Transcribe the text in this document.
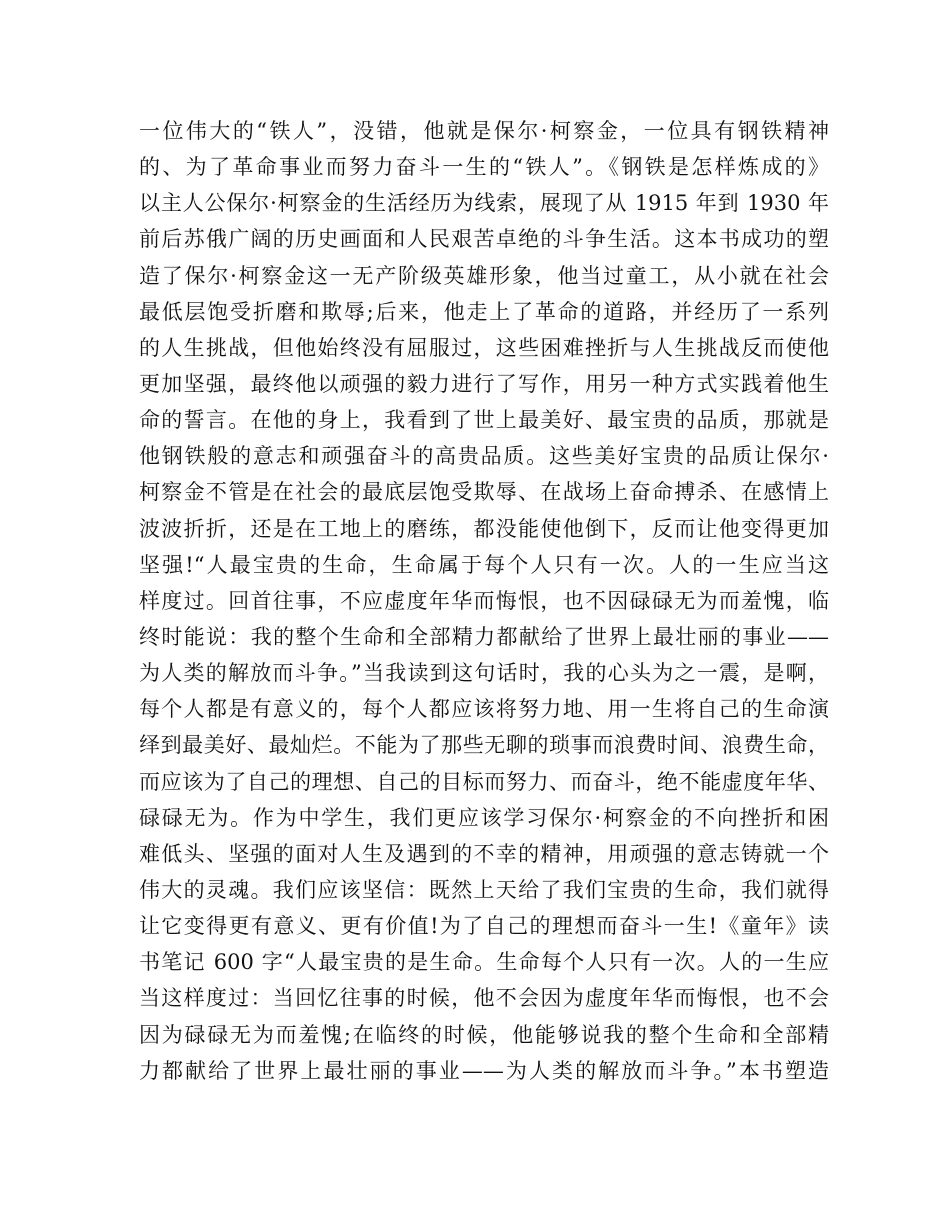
一位伟大的“铁人”，没错，他就是保尔·柯察金，一位具有钢铁精神
的、为了革命事业而努力奋斗一生的“铁人”。《钢铁是怎样炼成的》
以主人公保尔·柯察金的生活经历为线索，展现了从 1915 年到 1930 年
前后苏俄广阔的历史画面和人民艰苦卓绝的斗争生活。这本书成功的塑
造了保尔·柯察金这一无产阶级英雄形象，他当过童工，从小就在社会
最低层饱受折磨和欺辱;后来，他走上了革命的道路，并经历了一系列
的人生挑战，但他始终没有屈服过，这些困难挫折与人生挑战反而使他
更加坚强，最终他以顽强的毅力进行了写作，用另一种方式实践着他生
命的誓言。在他的身上，我看到了世上最美好、最宝贵的品质，那就是
他钢铁般的意志和顽强奋斗的高贵品质。这些美好宝贵的品质让保尔·
柯察金不管是在社会的最底层饱受欺辱、在战场上奋命搏杀、在感情上
波波折折，还是在工地上的磨练，都没能使他倒下，反而让他变得更加
坚强!“人最宝贵的生命，生命属于每个人只有一次。人的一生应当这
样度过。回首往事，不应虚度年华而悔恨，也不因碌碌无为而羞愧，临
终时能说：我的整个生命和全部精力都献给了世界上最壮丽的事业——
为人类的解放而斗争。”当我读到这句话时，我的心头为之一震，是啊，
每个人都是有意义的，每个人都应该将努力地、用一生将自己的生命演
绎到最美好、最灿烂。不能为了那些无聊的琐事而浪费时间、浪费生命，
而应该为了自己的理想、自己的目标而努力、而奋斗，绝不能虚度年华、
碌碌无为。作为中学生，我们更应该学习保尔·柯察金的不向挫折和困
难低头、坚强的面对人生及遇到的不幸的精神，用顽强的意志铸就一个
伟大的灵魂。我们应该坚信：既然上天给了我们宝贵的生命，我们就得
让它变得更有意义、更有价值!为了自己的理想而奋斗一生!《童年》读
书笔记 600 字“人最宝贵的是生命。生命每个人只有一次。人的一生应
当这样度过：当回忆往事的时候，他不会因为虚度年华而悔恨，也不会
因为碌碌无为而羞愧;在临终的时候，他能够说我的整个生命和全部精
力都献给了世界上最壮丽的事业——为人类的解放而斗争。”本书塑造
